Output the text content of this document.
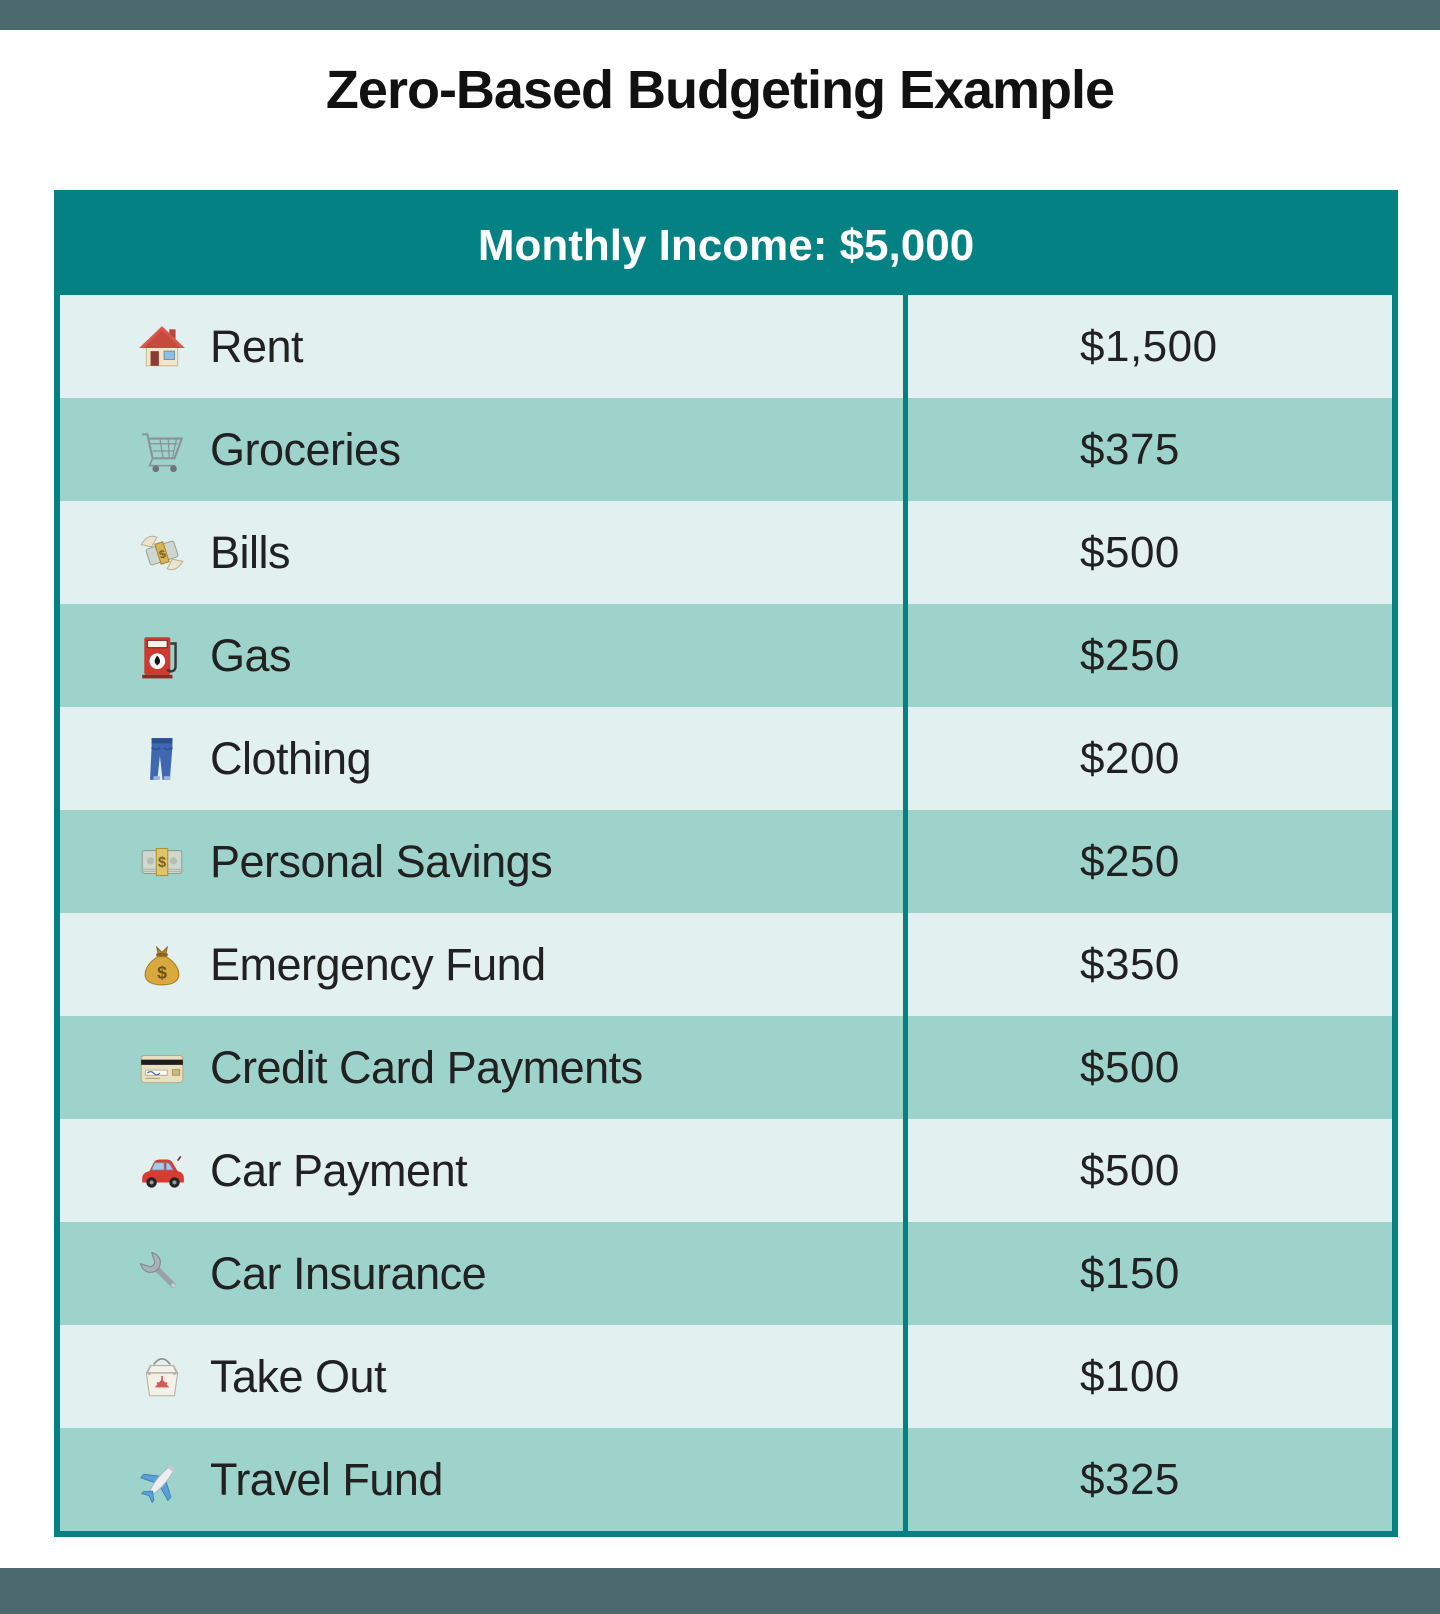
Zero-Based Budgeting Example
Monthly Income: $5,000
Rent	$1,500
Groceries	$375
$ Bills	$500
Gas	$250
Clothing	$200
$ Personal Savings	$250
$ Emergency Fund	$350
Credit Card Payments	$500
Car Payment	$500
Car Insurance	$150
Take Out	$100
Travel Fund	$325
